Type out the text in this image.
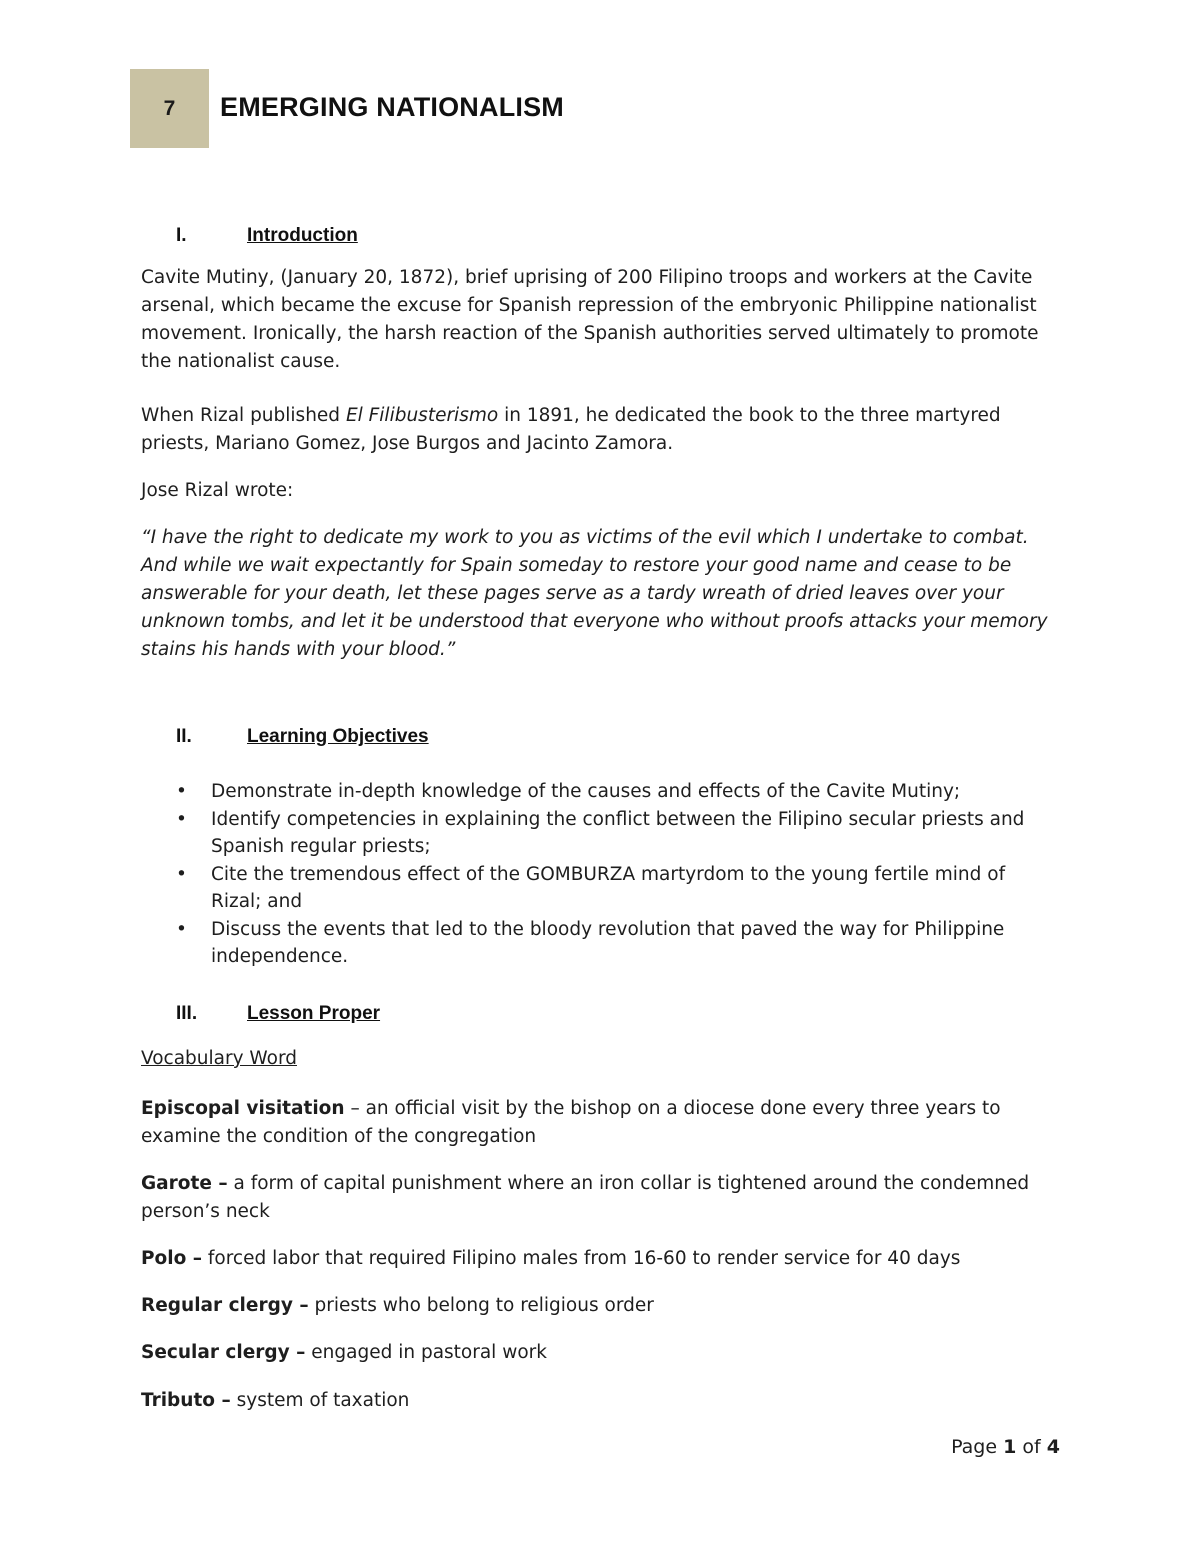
7 EMERGING NATIONALISM
I.	Introduction

Cavite Mutiny, (January 20, 1872), brief uprising of 200 Filipino troops and workers at the Cavite arsenal, which became the excuse for Spanish repression of the embryonic Philippine nationalist movement. Ironically, the harsh reaction of the Spanish authorities served ultimately to promote the nationalist cause.

When Rizal published El Filibusterismo in 1891, he dedicated the book to the three martyred priests, Mariano Gomez, Jose Burgos and Jacinto Zamora.

Jose Rizal wrote:

“I have the right to dedicate my work to you as victims of the evil which I undertake to combat. And while we wait expectantly for Spain someday to restore your good name and cease to be answerable for your death, let these pages serve as a tardy wreath of dried leaves over your unknown tombs, and let it be understood that everyone who without proofs attacks your memory stains his hands with your blood.”

II.	Learning Objectives
• Demonstrate in-depth knowledge of the causes and effects of the Cavite Mutiny;
• Identify competencies in explaining the conflict between the Filipino secular priests and Spanish regular priests;
• Cite the tremendous effect of the GOMBURZA martyrdom to the young fertile mind of Rizal; and
• Discuss the events that led to the bloody revolution that paved the way for Philippine independence.
III.	Lesson Proper
Vocabulary Word

Episcopal visitation – an official visit by the bishop on a diocese done every three years to examine the condition of the congregation

Garote – a form of capital punishment where an iron collar is tightened around the condemned person’s neck

Polo – forced labor that required Filipino males from 16-60 to render service for 40 days

Regular clergy – priests who belong to religious order

Secular clergy – engaged in pastoral work

Tributo – system of taxation

Page 1 of 4
